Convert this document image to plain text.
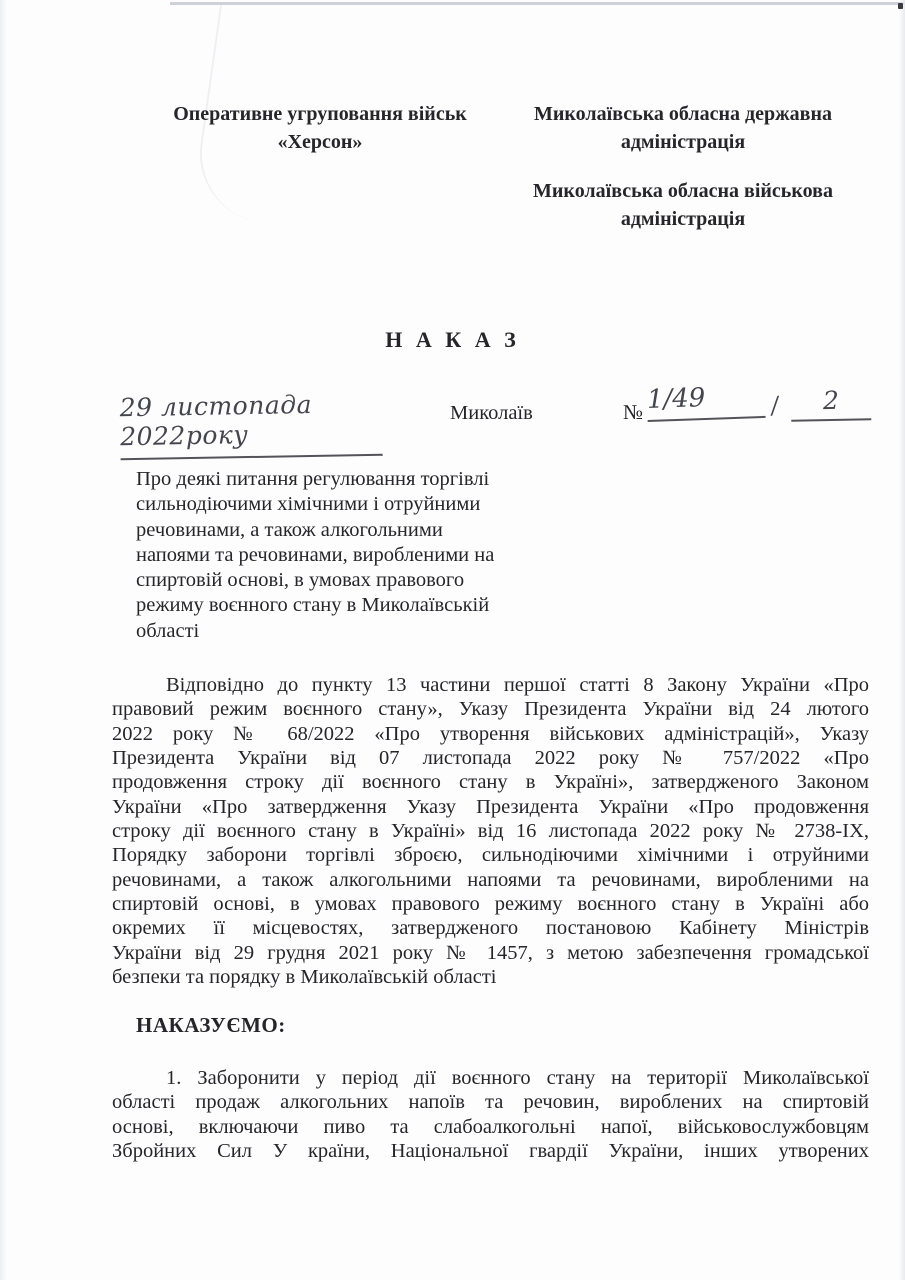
Оперативне угруповання військ
«Херсон»
Миколаївська обласна державна
адміністрація
Миколаївська обласна військова
адміністрація
Н А К А З
29 листопада 2022року
Миколаїв	№ 1/49	/	2
Про деякі питання регулювання торгівлі
сильнодіючими хімічними і отруйними
речовинами, а також алкогольними
напоями та речовинами, виробленими на
спиртовій основі, в умовах правового
режиму воєнного стану в Миколаївській
області
Відповідно до пункту 13 частини першої статті 8 Закону України «Про
правовий режим воєнного стану», Указу Президента України від 24 лютого
2022 року № 68/2022 «Про утворення військових адміністрацій», Указу
Президента України від 07 листопада 2022 року № 757/2022 «Про
продовження строку дії воєнного стану в Україні», затвердженого Законом
України «Про затвердження Указу Президента України «Про продовження
строку дії воєнного стану в Україні» від 16 листопада 2022 року № 2738-IX,
Порядку заборони торгівлі зброєю, сильнодіючими хімічними і отруйними
речовинами, а також алкогольними напоями та речовинами, виробленими на
спиртовій основі, в умовах правового режиму воєнного стану в Україні або
окремих її місцевостях, затвердженого постановою Кабінету Міністрів
України від 29 грудня 2021 року № 1457, з метою забезпечення громадської
безпеки та порядку в Миколаївській області
НАКАЗУЄМО:
1. Заборонити у період дії воєнного стану на території Миколаївської
області продаж алкогольних напоїв та речовин, вироблених на спиртовій
основі, включаючи пиво та слабоалкогольні напої, військовослужбовцям
Збройних Сил У країни, Національної гвардії України, інших утворених
